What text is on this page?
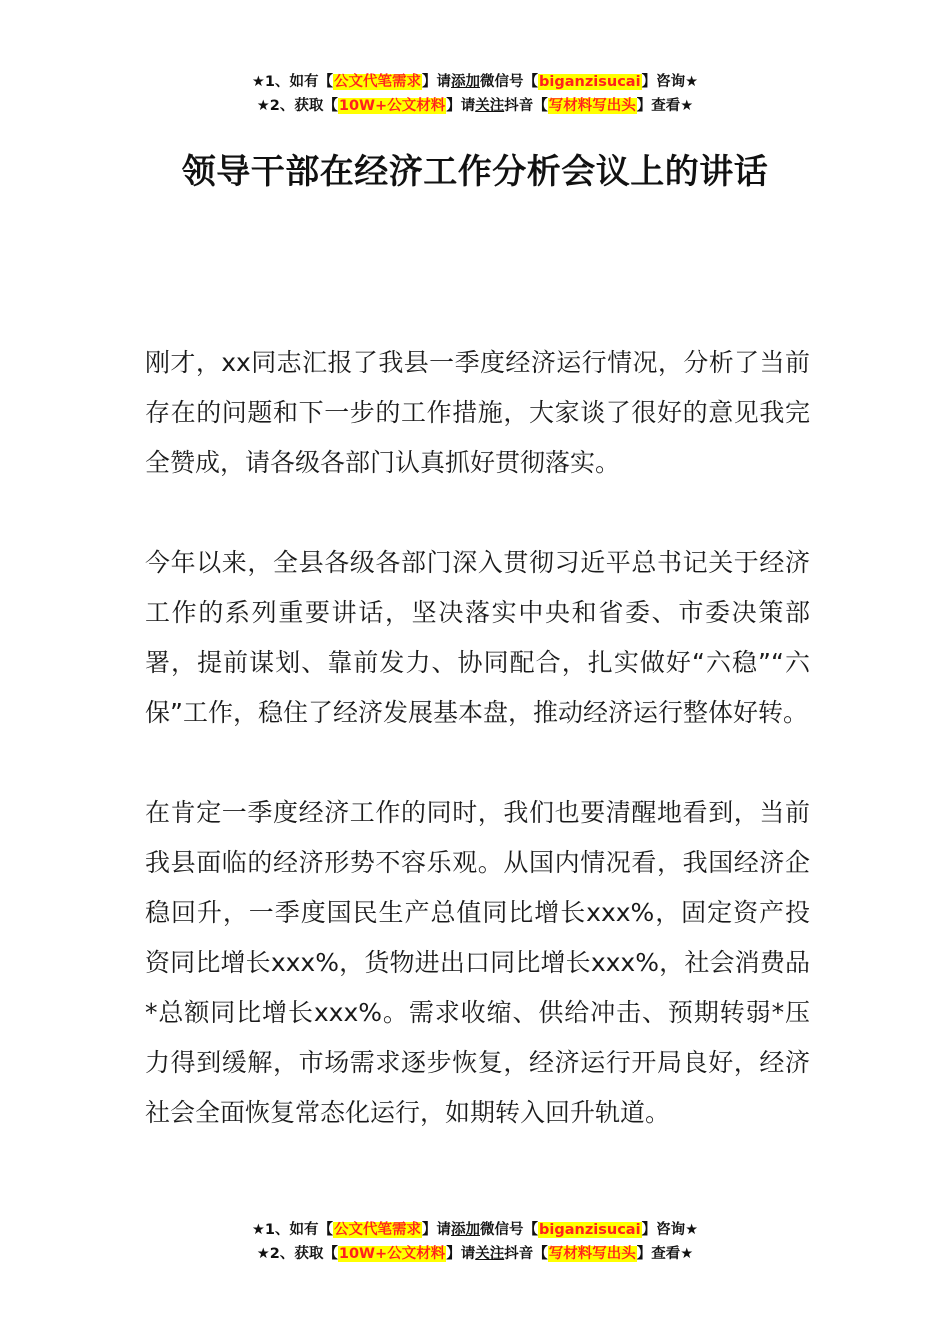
★1、如有【公文代笔需求】请添加微信号【biganzisucai】咨询★
★2、获取【10W+公文材料】请关注抖音【写材料写出头】查看★
领导干部在经济工作分析会议上的讲话

刚才，xx同志汇报了我县一季度经济运行情况，分析了当前存在的问题和下一步的工作措施，大家谈了很好的意见我完全赞成，请各级各部门认真抓好贯彻落实。

今年以来，全县各级各部门深入贯彻习近平总书记关于经济工作的系列重要讲话，坚决落实中央和省委、市委决策部署，提前谋划、靠前发力、协同配合，扎实做好“六稳”“六保”工作，稳住了经济发展基本盘，推动经济运行整体好转。

在肯定一季度经济工作的同时，我们也要清醒地看到，当前我县面临的经济形势不容乐观。从国内情况看，我国经济企稳回升，一季度国民生产总值同比增长xxx%，固定资产投资同比增长xxx%，货物进出口同比增长xxx%，社会消费品*总额同比增长xxx%。需求收缩、供给冲击、预期转弱*压力得到缓解，市场需求逐步恢复，经济运行开局良好，经济社会全面恢复常态化运行，如期转入回升轨道。

★1、如有【公文代笔需求】请添加微信号【biganzisucai】咨询★
★2、获取【10W+公文材料】请关注抖音【写材料写出头】查看★
